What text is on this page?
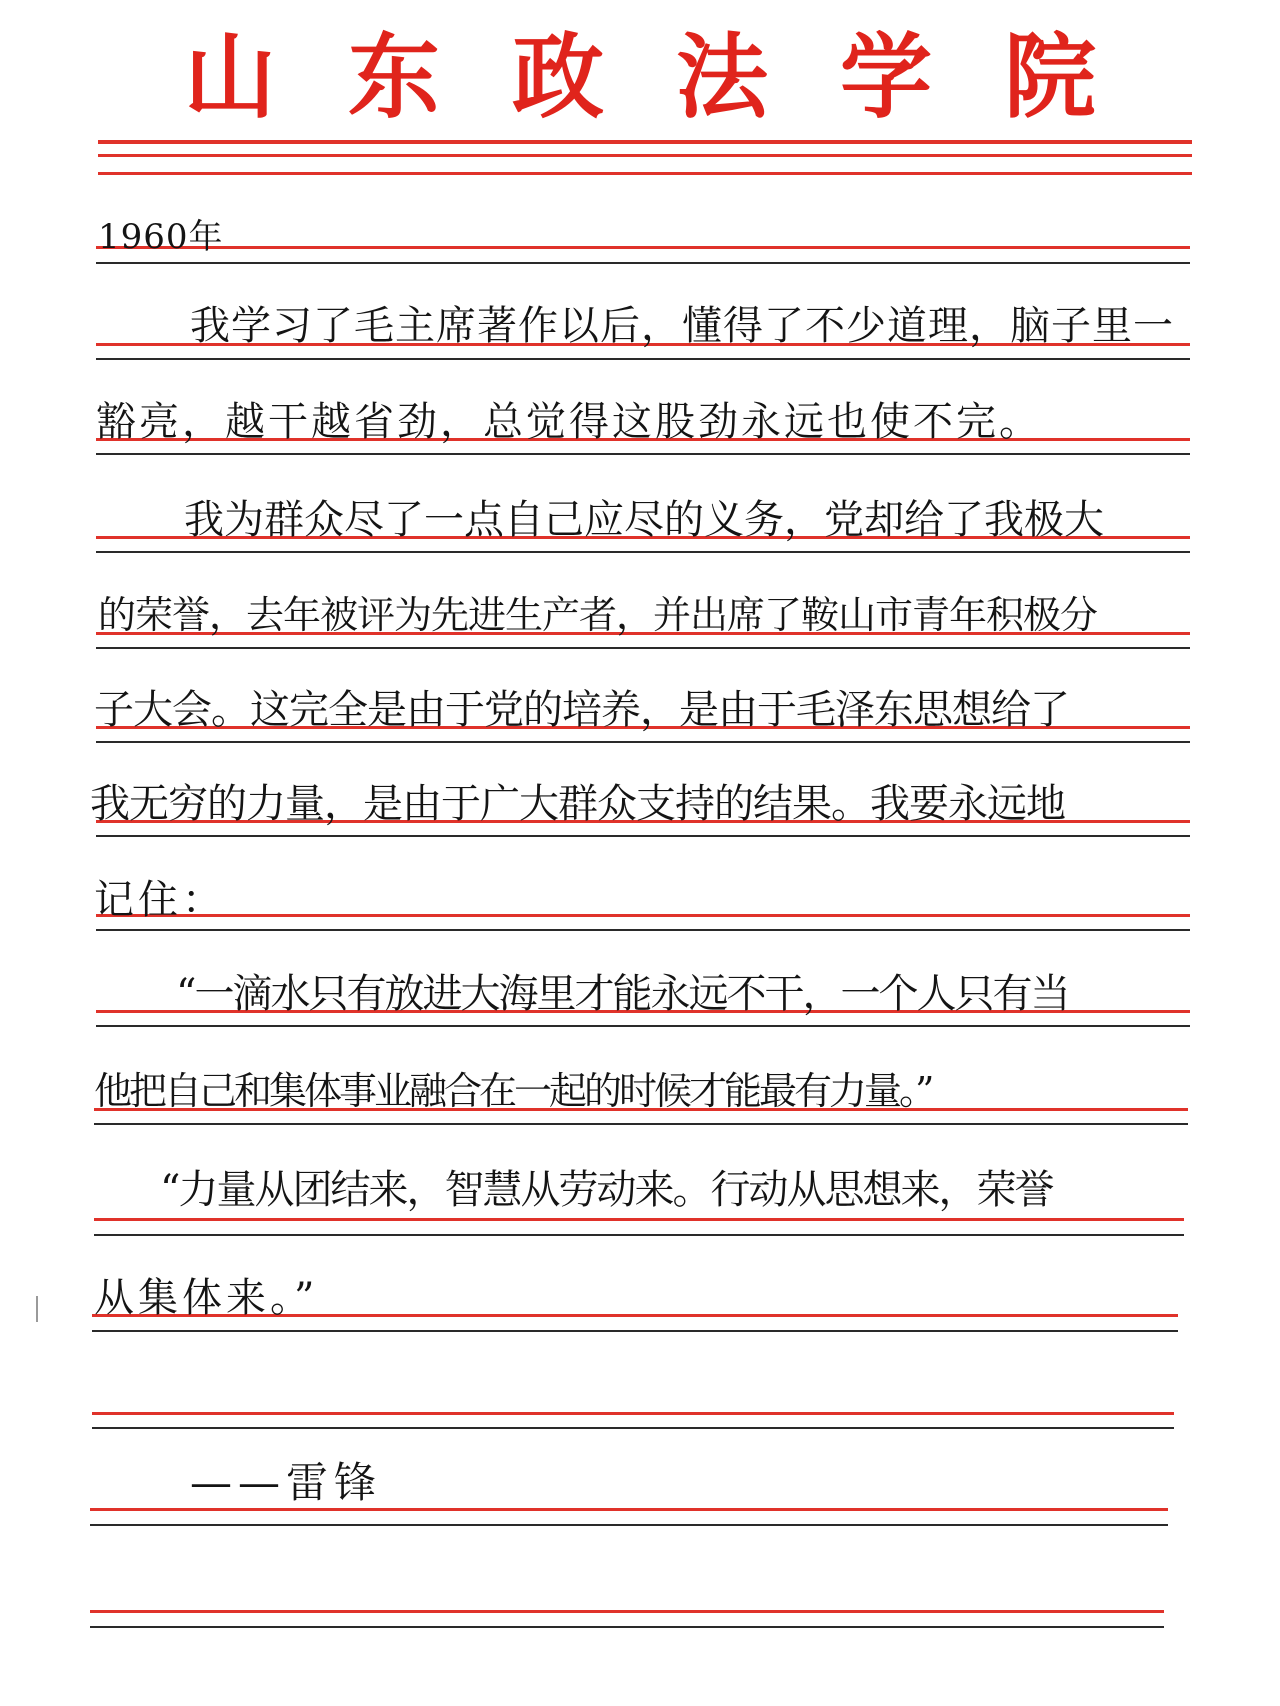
山 东 政 法 学 院
1960年
我学习了毛主席著作以后，懂得了不少道理，脑子里一
豁亮，越干越省劲，总觉得这股劲永远也使不完。
我为群众尽了一点自己应尽的义务，党却给了我极大
的荣誉，去年被评为先进生产者，并出席了鞍山市青年积极分
子大会。这完全是由于党的培养，是由于毛泽东思想给了
我无穷的力量，是由于广大群众支持的结果。我要永远地
记住：
“一滴水只有放进大海里才能永远不干，一个人只有当
他把自己和集体事业融合在一起的时候才能最有力量。”
“力量从团结来，智慧从劳动来。行动从思想来，荣誉
从集体来。”
——雷锋
